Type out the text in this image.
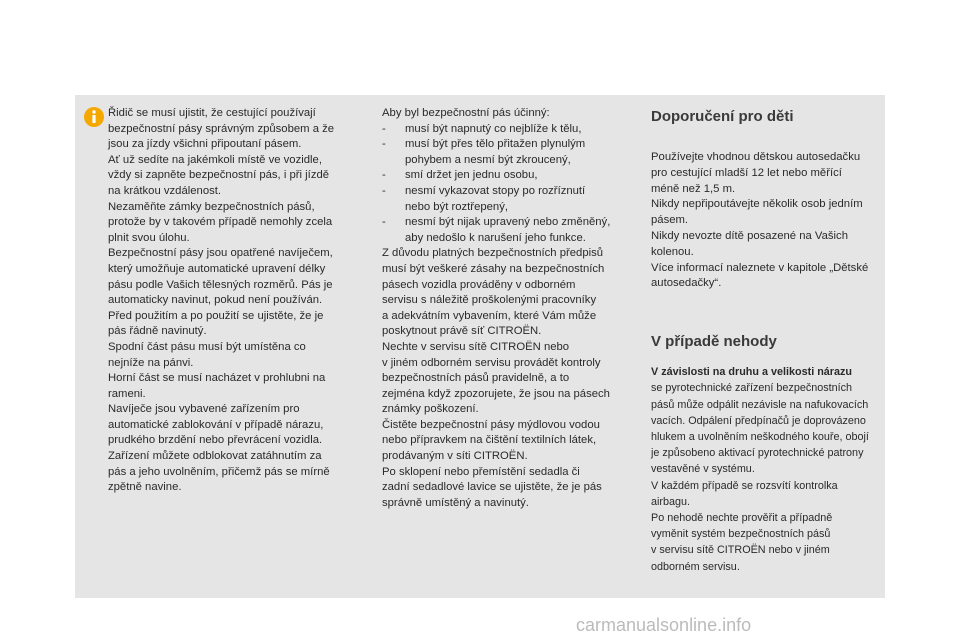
Řidič se musí ujistit, že cestující používají
bezpečnostní pásy správným způsobem a že
jsou za jízdy všichni připoutaní pásem.
Ať už sedíte na jakémkoli místě ve vozidle,
vždy si zapněte bezpečnostní pás, i při jízdě
na krátkou vzdálenost.
Nezaměňte zámky bezpečnostních pásů,
protože by v takovém případě nemohly zcela
plnit svou úlohu.
Bezpečnostní pásy jsou opatřené navíječem,
který umožňuje automatické upravení délky
pásu podle Vašich tělesných rozměrů. Pás je
automaticky navinut, pokud není používán.
Před použitím a po použití se ujistěte, že je
pás řádně navinutý.
Spodní část pásu musí být umístěna co
nejníže na pánvi.
Horní část se musí nacházet v prohlubni na
rameni.
Navíječe jsou vybavené zařízením pro
automatické zablokování v případě nárazu,
prudkého brzdění nebo převrácení vozidla.
Zařízení můžete odblokovat zatáhnutím za
pás a jeho uvolněním, přičemž pás se mírně
zpětně navine.
Aby byl bezpečnostní pás účinný:
- musí být napnutý co nejblíže k tělu,
- musí být přes tělo přitažen plynulým
pohybem a nesmí být zkroucený,
- smí držet jen jednu osobu,
- nesmí vykazovat stopy po rozříznutí
nebo být roztřepený,
- nesmí být nijak upravený nebo změněný,
aby nedošlo k narušení jeho funkce.
Z důvodu platných bezpečnostních předpisů
musí být veškeré zásahy na bezpečnostních
pásech vozidla prováděny v odborném
servisu s náležitě proškolenými pracovníky
a adekvátním vybavením, které Vám může
poskytnout právě síť CITROËN.
Nechte v servisu sítě CITROËN nebo
v jiném odborném servisu provádět kontroly
bezpečnostních pásů pravidelně, a to
zejména když zpozorujete, že jsou na pásech
známky poškození.
Čistěte bezpečnostní pásy mýdlovou vodou
nebo přípravkem na čištění textilních látek,
prodávaným v síti CITROËN.
Po sklopení nebo přemístění sedadla či
zadní sedadlové lavice se ujistěte, že je pás
správně umístěný a navinutý.
Doporučení pro děti
Používejte vhodnou dětskou autosedačku
pro cestující mladší 12 let nebo měřící
méně než 1,5 m.
Nikdy nepřipoutávejte několik osob jedním
pásem.
Nikdy nevozte dítě posazené na Vašich
kolenou.
Více informací naleznete v kapitole „Dětské
autosedačky“.
V případě nehody
V závislosti na druhu a velikosti nárazu
se pyrotechnické zařízení bezpečnostních
pásů může odpálit nezávisle na nafukovacích
vacích. Odpálení předpínačů je doprovázeno
hlukem a uvolněním neškodného kouře, obojí
je způsobeno aktivací pyrotechnické patrony
vestavěné v systému.
V každém případě se rozsvítí kontrolka
airbagu.
Po nehodě nechte prověřit a případně
vyměnit systém bezpečnostních pásů
v servisu sítě CITROËN nebo v jiném
odborném servisu.
carmanualsonline.info
